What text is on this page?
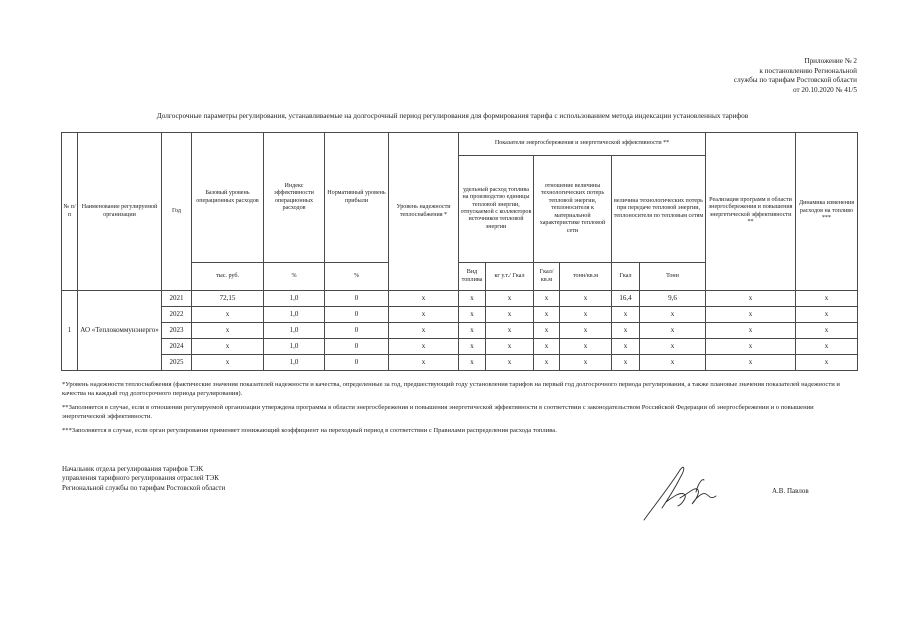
Приложение № 2
к постановлению Региональной
службы по тарифам Ростовской области
от 20.10.2020 № 41/5
Долгосрочные параметры регулирования, устанавливаемые на долгосрочный период регулирования для формирования тарифа с использованием метода индексации установленных тарифов
№ п/п	Наименование регулируемой организации	Год	Базовый уровень операционных расходов	Индекс эффективности операционных расходов	Нормативный уровень прибыли	Уровень надежности теплоснабжения *	Показатели энергосбережения и энергетической эффективности **						Реализация программ в области энергосбережения и повышения энергетической эффективности **	Динамика изменения расходов на топливо ***
							удельный расход топлива на производство единицы тепловой энергии, отпускаемой с коллекторов источников тепловой энергии		отношение величины технологических потерь тепловой энергии, теплоносителя к материальной характеристике тепловой сети		величина технологических потерь при передаче тепловой энергии, теплоносителя по тепловым сетям			
			тыс. руб.	%	%		Вид топлива	кг у.т./ Гкал	Гкал/ кв.м	тонн/кв.м	Гкал	Тонн		
1	АО «Теплокоммунэнерго»	2021	72,15	1,0	0	x	x	x	x	x	16,4	9,6	x	x
		2022	x	1,0	0	x	x	x	x	x	x	x	x	x
		2023	x	1,0	0	x	x	x	x	x	x	x	x	x
		2024	x	1,0	0	x	x	x	x	x	x	x	x	x
		2025	x	1,0	0	x	x	x	x	x	x	x	x	x

*Уровень надежности теплоснабжения (фактические значения показателей надежности и качества, определенные за год, предшествующий году установления тарифов на первый год долгосрочного периода регулирования, а также плановые значения показателей надежности и качества на каждый год долгосрочного периода регулирования).

**Заполняется в случае, если в отношении регулируемой организации утверждена программа в области энергосбережения и повышения энергетической эффективности в соответствии с законодательством Российской Федерации об энергосбережении и о повышении энергетической эффективности.

***Заполняется в случае, если орган регулирования применяет понижающий коэффициент на переходный период в соответствии с Правилами распределения расхода топлива.

Начальник отдела регулирования тарифов ТЭК
управления тарифного регулирования отраслей ТЭК
Региональной службы по тарифам Ростовской области	А.В. Павлов
